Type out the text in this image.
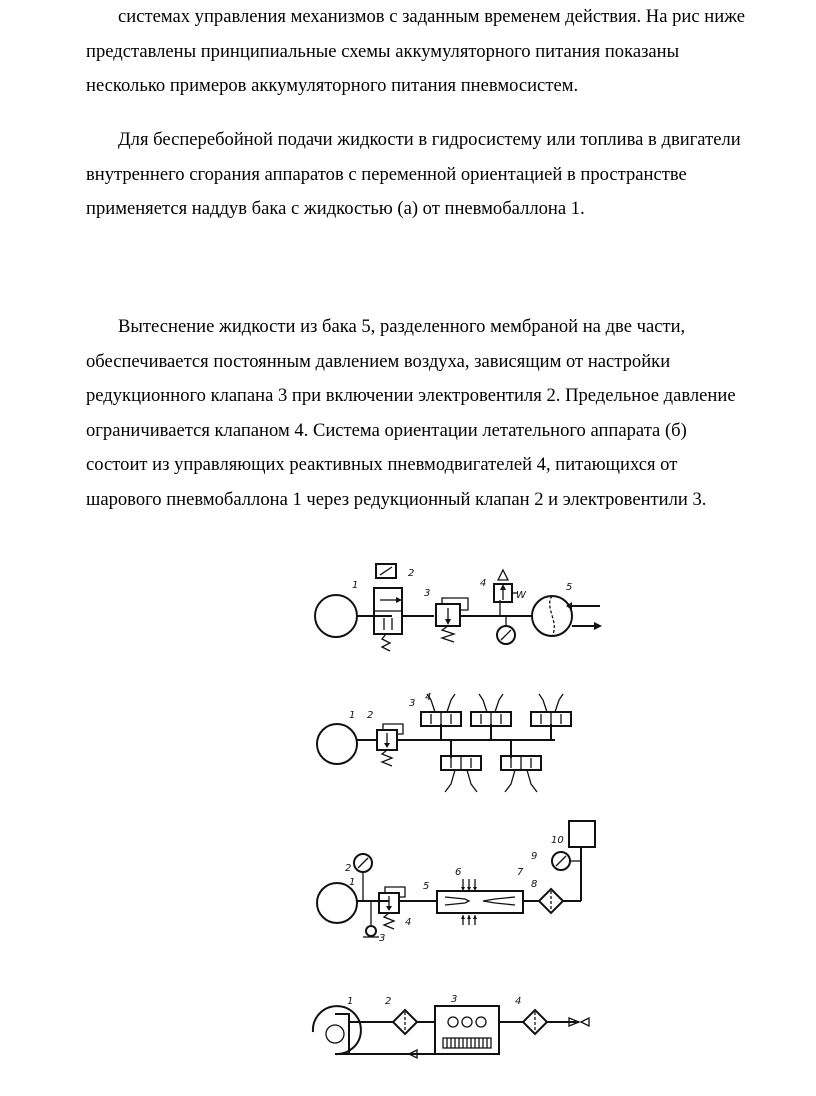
системах управления механизмов с заданным временем действия. На рис ниже
представлены принципиальные схемы аккумуляторного питания показаны
несколько примеров аккумуляторного питания пневмосистем.
Для бесперебойной подачи жидкости в гидросистему или топлива в двигатели
внутреннего сгорания аппаратов с переменной ориентацией в пространстве
применяется наддув бака с жидкостью (а) от пневмобаллона 1.
Вытеснение жидкости из бака 5, разделенного мембраной на две части,
обеспечивается постоянным давлением воздуха, зависящим от настройки
редукционного клапана 3 при включении электровентиля 2. Предельное давление
ограничивается клапаном 4. Система ориентации летательного аппарата (б)
состоит из управляющих реактивных пневмодвигателей 4, питающихся от
шарового пневмобаллона 1 через редукционный клапан 2 и электровентили 3.
1
2
3
4
W
5
1 2
3
4
2
1
3
4
5
6	7
8
9
10
1	2	3	4
